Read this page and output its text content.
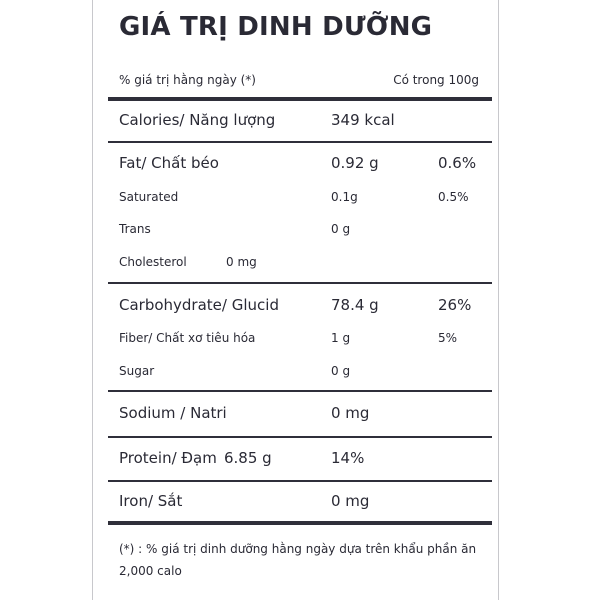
GIÁ TRỊ DINH DƯỠNG
% giá trị hằng ngày (*)	Có trong 100g
Calories/ Năng lượng	349 kcal
Fat/ Chất béo	0.92 g	0.6%
Saturated	0.1g	0.5%
Trans	0 g
Cholesterol	0 mg
Carbohydrate/ Glucid	78.4 g	26%
Fiber/ Chất xơ tiêu hóa	1 g	5%
Sugar	0 g
Sodium / Natri	0 mg
Protein/ Đạm 6.85 g	14%
Iron/ Sắt	0 mg
(*) : % giá trị dinh dưỡng hằng ngày dựa trên khẩu phần ăn 2,000 calo
